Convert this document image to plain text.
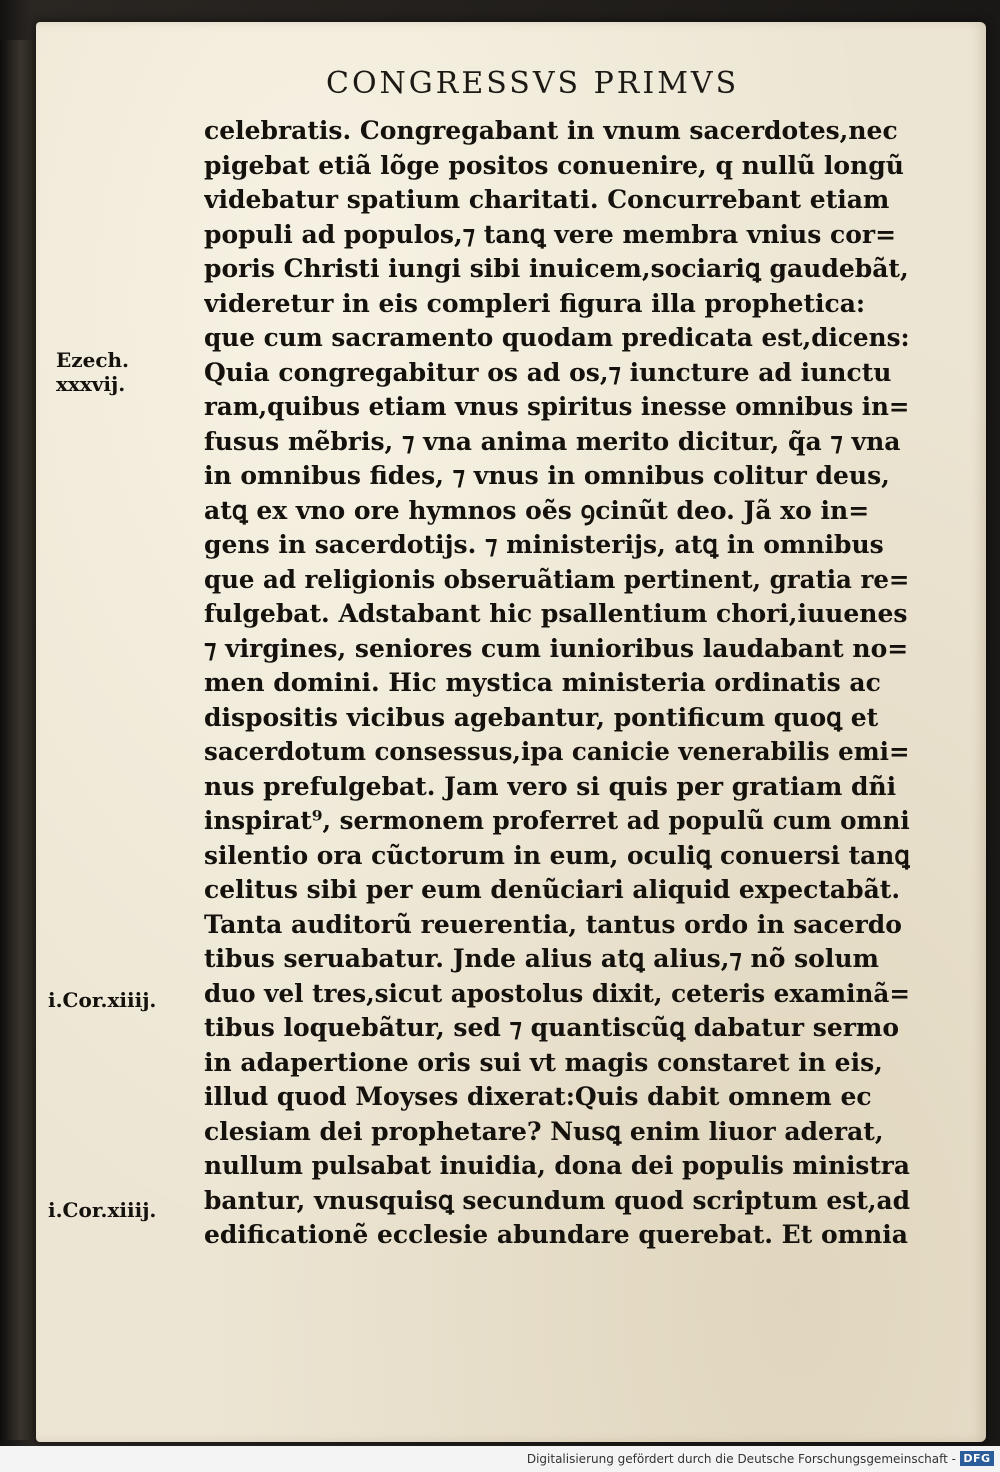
CONGRESSVS PRIMVS
Ezech.
xxxvij.
i.Cor.xiiij.
i.Cor.xiiij.
celebratis. Congregabant in vnum sacerdotes,nec
pigebat etiã lõge positos conuenire, q nullũ longũ
videbatur spatium charitati. Concurrebant etiam
populi ad populos,⁊ tanꝗ vere membra vnius cor=
poris Christi iungi sibi inuicem,sociariꝗ gaudebãt,
videretur in eis compleri figura illa prophetica:
que cum sacramento quodam predicata est,dicens:
Quia congregabitur os ad os,⁊ iuncture ad iunctu
ram,quibus etiam vnus spiritus inesse omnibus in=
fusus mẽbris, ⁊ vna anima merito dicitur, q̃a ⁊ vna
in omnibus fides, ⁊ vnus in omnibus colitur deus,
atꝗ ex vno ore hymnos oẽs ꝯcinũt deo. Jã xo in=
gens in sacerdotijs. ⁊ ministerijs, atꝗ in omnibus
que ad religionis obseruãtiam pertinent, gratia re=
fulgebat. Adstabant hic psallentium chori,iuuenes
⁊ virgines, seniores cum iunioribus laudabant no=
men domini. Hic mystica ministeria ordinatis ac
dispositis vicibus agebantur, pontificum quoꝗ et
sacerdotum consessus,ipa canicie venerabilis emi=
nus prefulgebat. Jam vero si quis per gratiam dñi
inspirat⁹, sermonem proferret ad populũ cum omni
silentio ora cũctorum in eum, oculiꝗ conuersi tanꝗ
celitus sibi per eum denũciari aliquid expectabãt.
Tanta auditorũ reuerentia, tantus ordo in sacerdo
tibus seruabatur. Jnde alius atꝗ alius,⁊ nõ solum
duo vel tres,sicut apostolus dixit, ceteris examinã=
tibus loquebãtur, sed ⁊ quantiscũꝗ dabatur sermo
in adapertione oris sui vt magis constaret in eis,
illud quod Moyses dixerat:Quis dabit omnem ec
clesiam dei prophetare? Nusꝗ enim liuor aderat,
nullum pulsabat inuidia, dona dei populis ministra
bantur, vnusquisꝗ secundum quod scriptum est,ad
edificationẽ ecclesie abundare querebat. Et omnia
Digitalisierung gefördert durch die Deutsche Forschungsgemeinschaft - DFG
